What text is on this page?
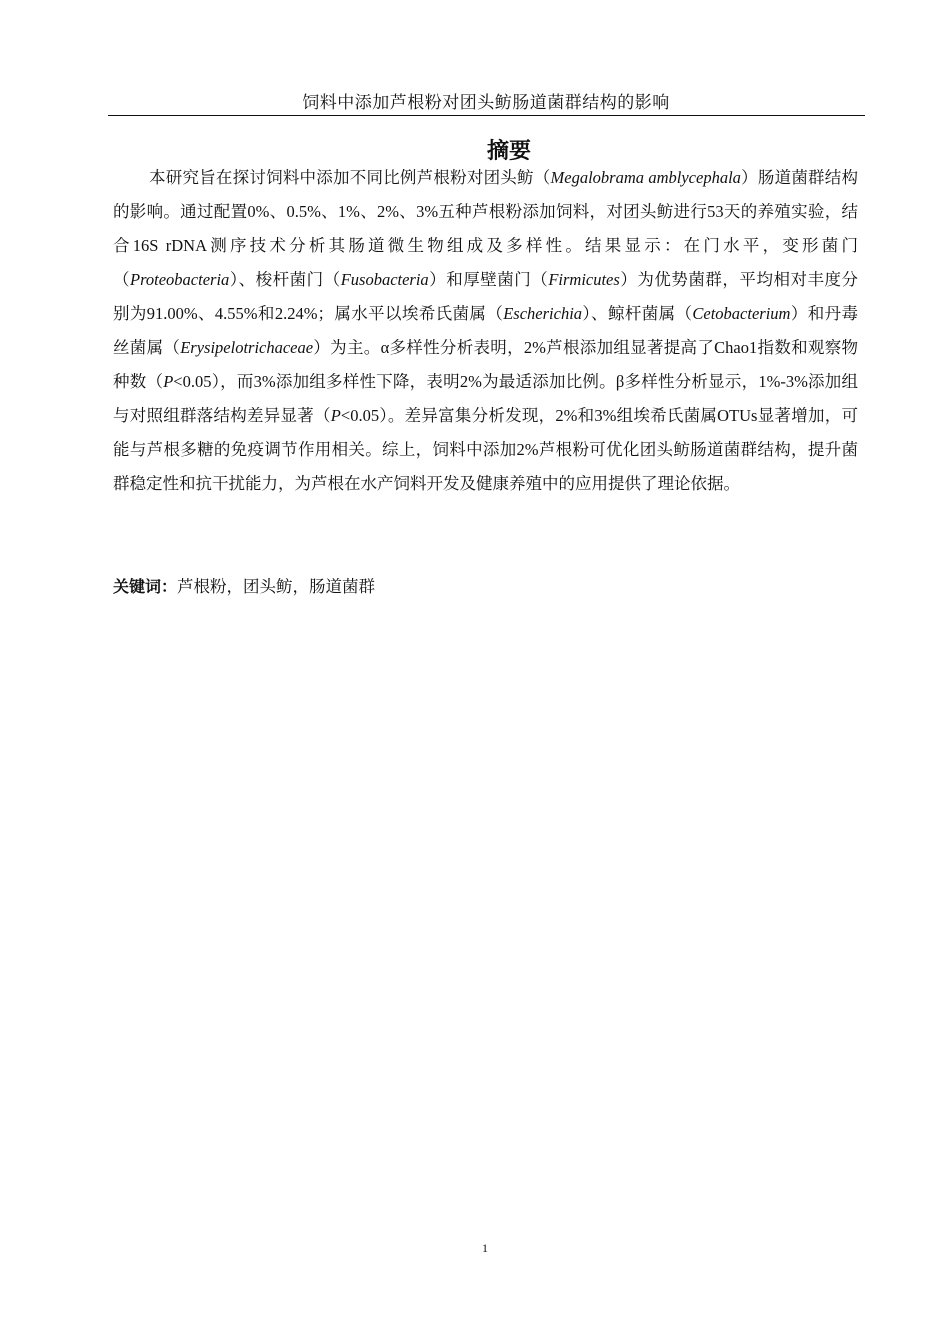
饲料中添加芦根粉对团头鲂肠道菌群结构的影响
摘要

本研究旨在探讨饲料中添加不同比例芦根粉对团头鲂（Megalobrama amblycephala）肠道菌群结构的影响。通过配置0%、0.5%、1%、2%、3%五种芦根粉添加饲料，对团头鲂进行53天的养殖实验，结合16S rDNA测序技术分析其肠道微生物组成及多样性。结果显示：在门水平，变形菌门（Proteobacteria）、梭杆菌门（Fusobacteria）和厚壁菌门（Firmicutes）为优势菌群，平均相对丰度分别为91.00%、4.55%和2.24%；属水平以埃希氏菌属（Escherichia）、鲸杆菌属（Cetobacterium）和丹毒丝菌属（Erysipelotrichaceae）为主。α多样性分析表明，2%芦根添加组显著提高了Chao1指数和观察物种数（P<0.05），而3%添加组多样性下降，表明2%为最适添加比例。β多样性分析显示，1%-3%添加组与对照组群落结构差异显著（P<0.05）。差异富集分析发现，2%和3%组埃希氏菌属OTUs显著增加，可能与芦根多糖的免疫调节作用相关。综上，饲料中添加2%芦根粉可优化团头鲂肠道菌群结构，提升菌群稳定性和抗干扰能力，为芦根在水产饲料开发及健康养殖中的应用提供了理论依据。

关键词：芦根粉，团头鲂，肠道菌群
1
